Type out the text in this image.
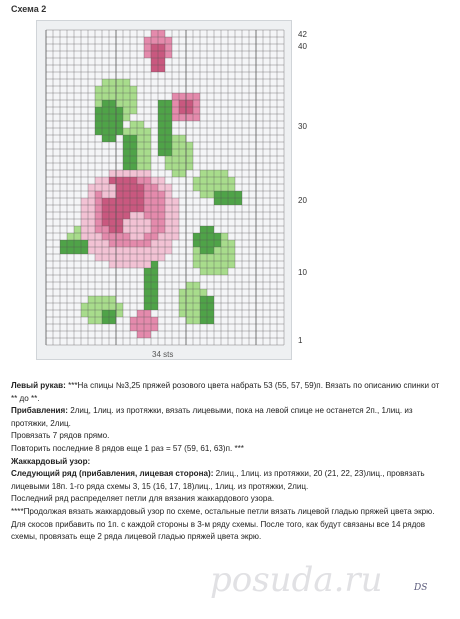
Схема 2
42
40
30
20
10
1
34 sts

Левый рукав: ***На спицы №3,25 пряжей розового цвета набрать 53 (55, 57, 59)п. Вязать по описанию спинки от ** до **.

Прибавления: 2лиц, 1лиц. из протяжки, вязать лицевыми, пока на левой спице не останется 2п., 1лиц. из протяжки, 2лиц.

Провязать 7 рядов прямо.

Повторить последние 8 рядов еще 1 раз = 57 (59, 61, 63)п. ***

Жаккардовый узор:

Следующий ряд (прибавления, лицевая сторона): 2лиц., 1лиц. из протяжки, 20 (21, 22, 23)лиц., провязать лицевыми 18п. 1-го ряда схемы 3, 15 (16, 17, 18)лиц., 1лиц. из протяжки, 2лиц.

Последний ряд распределяет петли для вязания жаккардового узора.

****Продолжая вязать жаккардовый узор по схеме, остальные петли вязать лицевой гладью пряжей цвета экрю. Для скосов прибавить по 1п. с каждой стороны в 3-м ряду схемы. После того, как будут связаны все 14 рядов схемы, провязать еще 2 ряда лицевой гладью пряжей цвета экрю.

posuda.ru	DS
